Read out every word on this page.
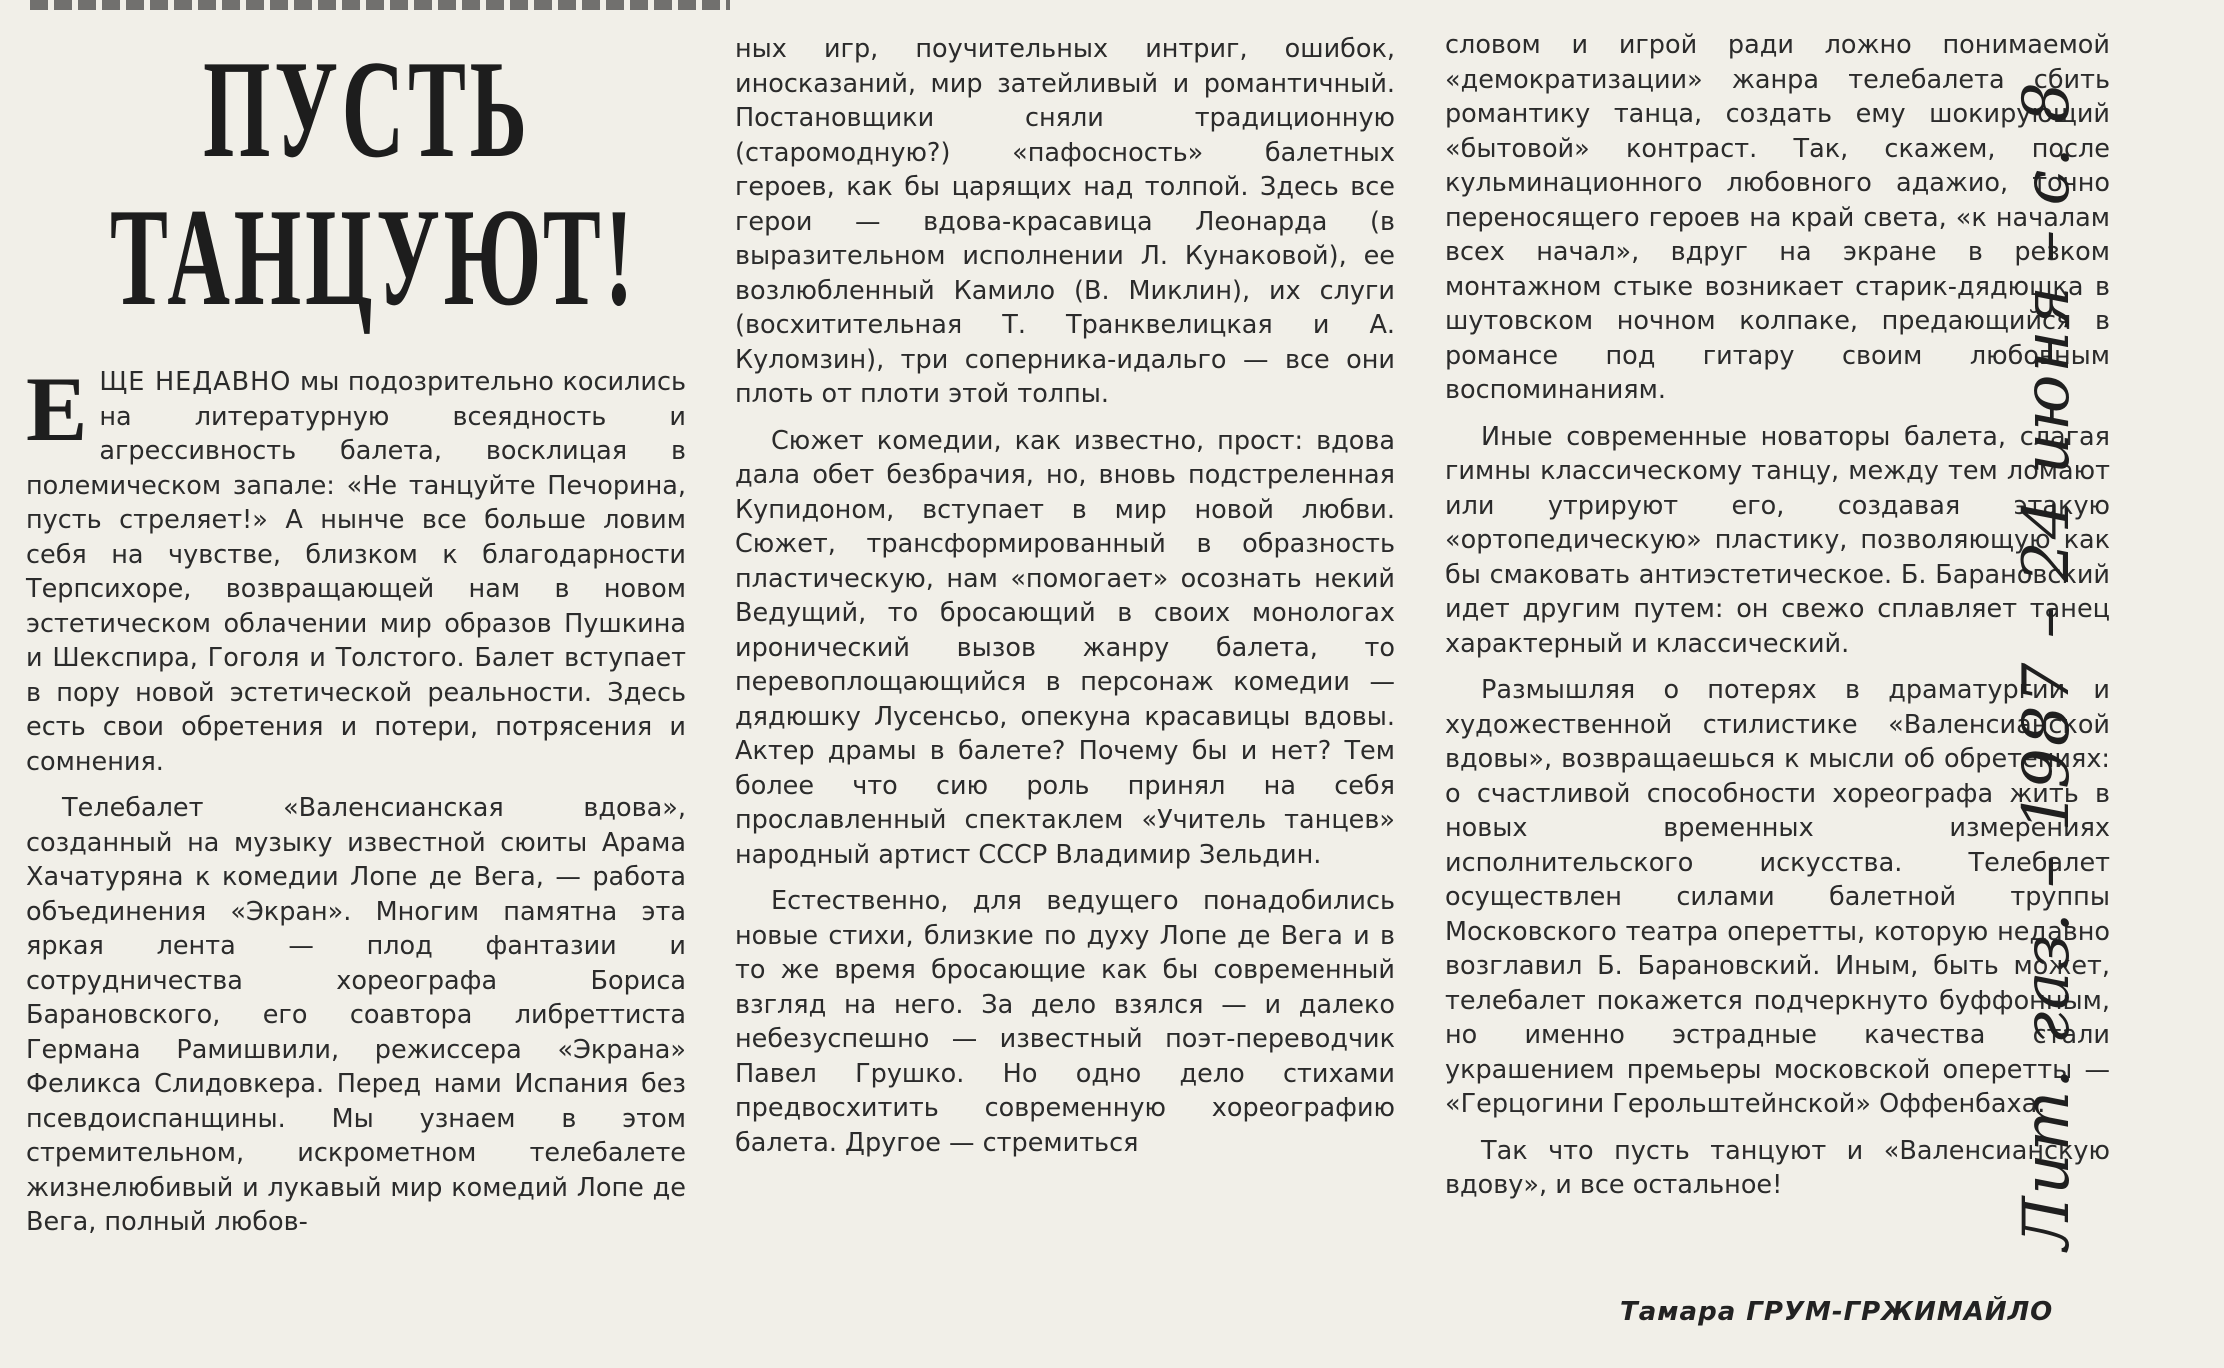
ПУСТЬ
ТАНЦУЮТ!

ЕЩЕ НЕДАВНО мы подозрительно косились на литературную всеядность и агрессивность балета, восклицая в полемическом запале: «Не танцуйте Печорина, пусть стреляет!» А нынче все больше ловим себя на чувстве, близком к благодарности Терпсихоре, возвращающей нам в новом эстетическом облачении мир образов Пушкина и Шекспира, Гоголя и Толстого. Балет вступает в пору новой эстетической реальности. Здесь есть свои обретения и потери, потрясения и сомнения.

Телебалет «Валенсианская вдова», созданный на музыку известной сюиты Арама Хачатуряна к комедии Лопе де Вега, — работа объединения «Экран». Многим памятна эта яркая лента — плод фантазии и сотрудничества хореографа Бориса Барановского, его соавтора либреттиста Германа Рамишвили, режиссера «Экрана» Феликса Слидовкера. Перед нами Испания без псевдоиспанщины. Мы узнаем в этом стремительном, искрометном телебалете жизнелюбивый и лукавый мир комедий Лопе де Вега, полный любов-

ных игр, поучительных интриг, ошибок, иносказаний, мир затейливый и романтичный. Постановщики сняли традиционную (старомодную?) «пафосность» балетных героев, как бы царящих над толпой. Здесь все герои — вдова-красавица Леонарда (в выразительном исполнении Л. Кунаковой), ее возлюбленный Камило (В. Миклин), их слуги (восхитительная Т. Транквелицкая и А. Куломзин), три соперника-идальго — все они плоть от плоти этой толпы.

Сюжет комедии, как известно, прост: вдова дала обет безбрачия, но, вновь подстреленная Купидоном, вступает в мир новой любви. Сюжет, трансформированный в образность пластическую, нам «помогает» осознать некий Ведущий, то бросающий в своих монологах иронический вызов жанру балета, то перевоплощающийся в персонаж комедии — дядюшку Лусенсьо, опекуна красавицы вдовы. Актер драмы в балете? Почему бы и нет? Тем более что сию роль принял на себя прославленный спектаклем «Учитель танцев» народный артист СССР Владимир Зельдин.

Естественно, для ведущего понадобились новые стихи, близкие по духу Лопе де Вега и в то же время бросающие как бы современный взгляд на него. За дело взялся — и далеко небезуспешно — известный поэт-переводчик Павел Грушко. Но одно дело стихами предвосхитить современную хореографию балета. Другое — стремиться

словом и игрой ради ложно понимаемой «демократизации» жанра телебалета сбить романтику танца, создать ему шокирующий «бытовой» контраст. Так, скажем, после кульминационного любовного адажио, точно переносящего героев на край света, «к началам всех начал», вдруг на экране в резком монтажном стыке возникает старик-дядюшка в шутовском ночном колпаке, предающийся в романсе под гитару своим любовным воспоминаниям.

Иные современные новаторы балета, слагая гимны классическому танцу, между тем ломают или утрируют его, создавая этакую «ортопедическую» пластику, позволяющую как бы смаковать антиэстетическое. Б. Барановский идет другим путем: он свежо сплавляет танец характерный и классический.

Размышляя о потерях в драматургии и художественной стилистике «Валенсианской вдовы», возвращаешься к мысли об обретениях: о счастливой способности хореографа жить в новых временных измерениях исполнительского искусства. Телебалет осуществлен силами балетной труппы Московского театра оперетты, которую недавно возглавил Б. Барановский. Иным, быть может, телебалет покажется подчеркнуто буффонным, но именно эстрадные качества стали украшением премьеры московской оперетты — «Герцогини Герольштейнской» Оффенбаха.

Так что пусть танцуют и «Валенсианскую вдову», и все остальное!

Тамара ГРУМ-ГРЖИМАЙЛО
Лит. газ. – 1987 – 24 июня – с. 8
